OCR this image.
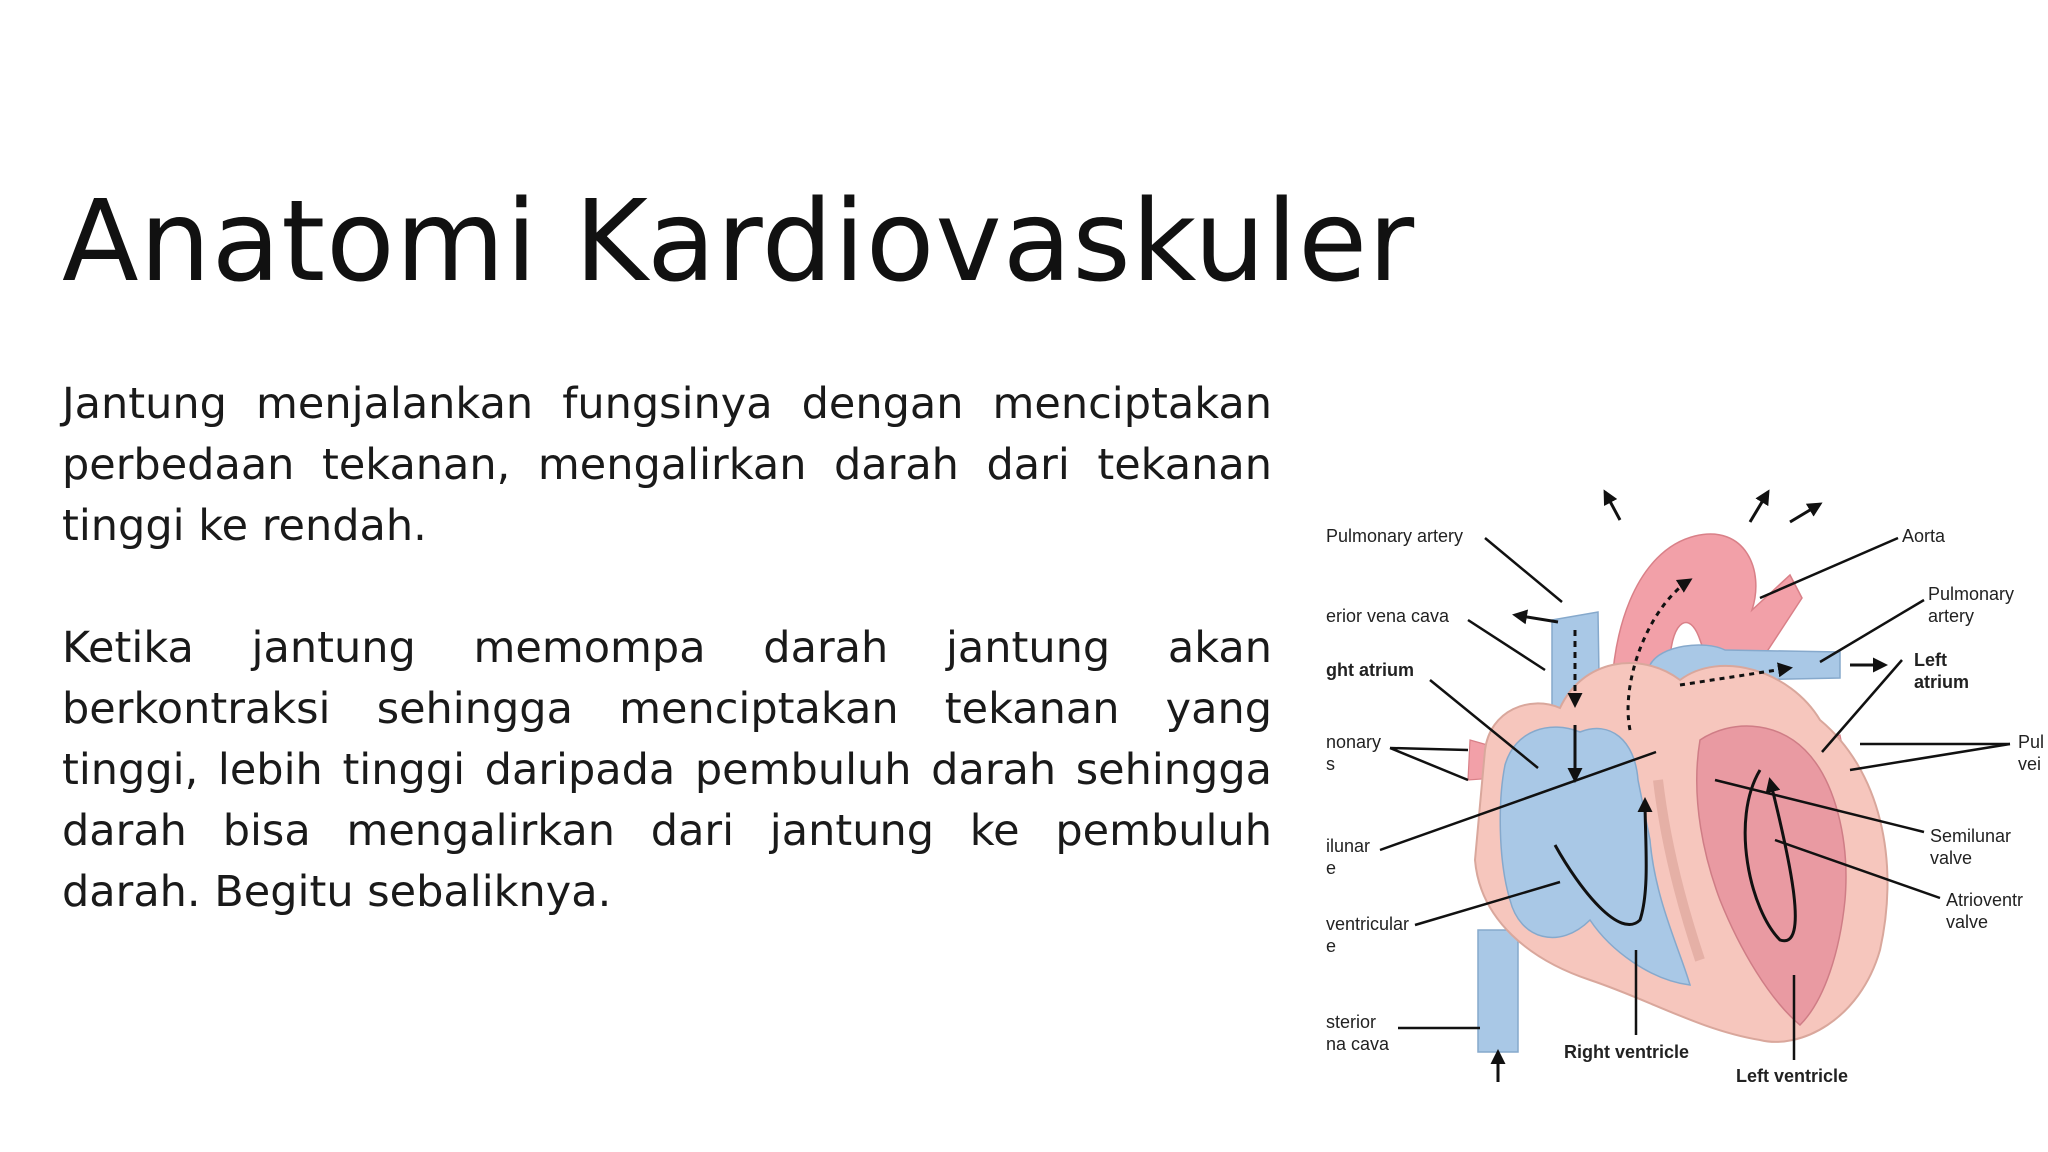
Anatomi Kardiovaskuler

Jantung menjalankan fungsinya dengan menciptakan perbedaan tekanan, mengalirkan darah dari tekanan tinggi ke rendah.

Ketika jantung memompa darah jantung akan berkontraksi sehingga menciptakan tekanan yang tinggi, lebih tinggi daripada pembuluh darah sehingga darah bisa mengalirkan dari jantung ke pembuluh darah. Begitu sebaliknya.

Pulmonary artery
erior vena cava
ght atrium
nonary
s
ilunar
e
ventricular
e
sterior
na cava	Right ventricle
Left ventricle
Aorta
Pulmonary
artery
Left
atrium
Pul
vei
Semilunar
valve
Atrioventr
valve
